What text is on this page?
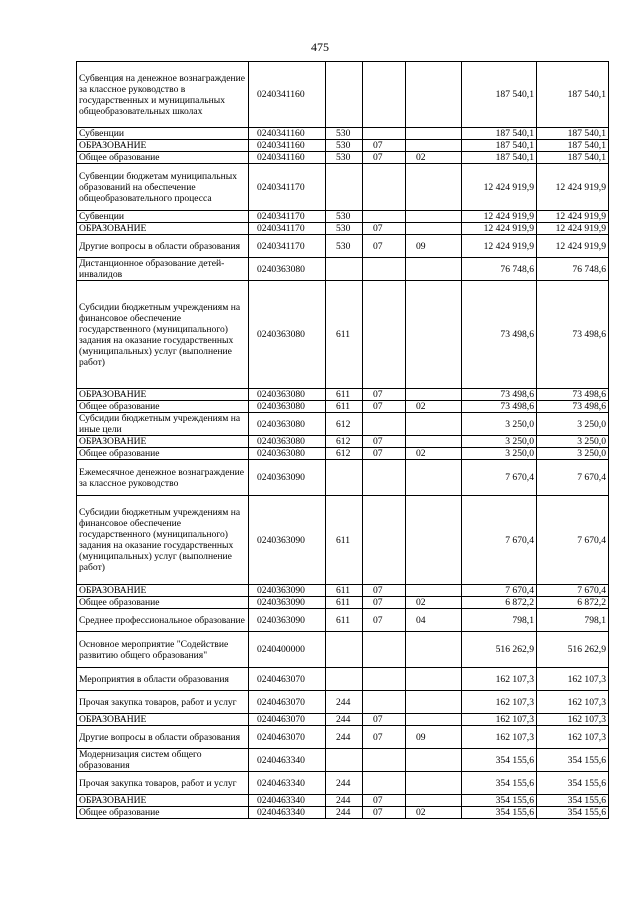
475
Субвенция на денежное вознаграждение за классное руководство в государственных и муниципальных общеобразовательных школах	0240341160				187 540,1	187 540,1
Субвенции	0240341160	530			187 540,1	187 540,1
ОБРАЗОВАНИЕ	0240341160	530	07		187 540,1	187 540,1
Общее образование	0240341160	530	07	02	187 540,1	187 540,1
Субвенции бюджетам муниципальных образований на обеспечение общеобразовательного процесса	0240341170				12 424 919,9	12 424 919,9
Субвенции	0240341170	530			12 424 919,9	12 424 919,9
ОБРАЗОВАНИЕ	0240341170	530	07		12 424 919,9	12 424 919,9
Другие вопросы в области образования	0240341170	530	07	09	12 424 919,9	12 424 919,9
Дистанционное образование детей-инвалидов	0240363080				76 748,6	76 748,6
Субсидии бюджетным учреждениям на финансовое обеспечение государственного (муниципального) задания на оказание государственных (муниципальных) услуг (выполнение работ)	0240363080	611			73 498,6	73 498,6
ОБРАЗОВАНИЕ	0240363080	611	07		73 498,6	73 498,6
Общее образование	0240363080	611	07	02	73 498,6	73 498,6
Субсидии бюджетным учреждениям на иные цели	0240363080	612			3 250,0	3 250,0
ОБРАЗОВАНИЕ	0240363080	612	07		3 250,0	3 250,0
Общее образование	0240363080	612	07	02	3 250,0	3 250,0
Ежемесячное денежное вознаграждение за классное руководство	0240363090				7 670,4	7 670,4
Субсидии бюджетным учреждениям на финансовое обеспечение государственного (муниципального) задания на оказание государственных (муниципальных) услуг (выполнение работ)	0240363090	611			7 670,4	7 670,4
ОБРАЗОВАНИЕ	0240363090	611	07		7 670,4	7 670,4
Общее образование	0240363090	611	07	02	6 872,2	6 872,2
Среднее профессиональное образование	0240363090	611	07	04	798,1	798,1
Основное мероприятие "Содействие развитию общего образования"	0240400000				516 262,9	516 262,9
Мероприятия в области образования	0240463070				162 107,3	162 107,3
Прочая закупка товаров, работ и услуг	0240463070	244			162 107,3	162 107,3
ОБРАЗОВАНИЕ	0240463070	244	07		162 107,3	162 107,3
Другие вопросы в области образования	0240463070	244	07	09	162 107,3	162 107,3
Модернизация систем общего образования	0240463340				354 155,6	354 155,6
Прочая закупка товаров, работ и услуг	0240463340	244			354 155,6	354 155,6
ОБРАЗОВАНИЕ	0240463340	244	07		354 155,6	354 155,6
Общее образование	0240463340	244	07	02	354 155,6	354 155,6
